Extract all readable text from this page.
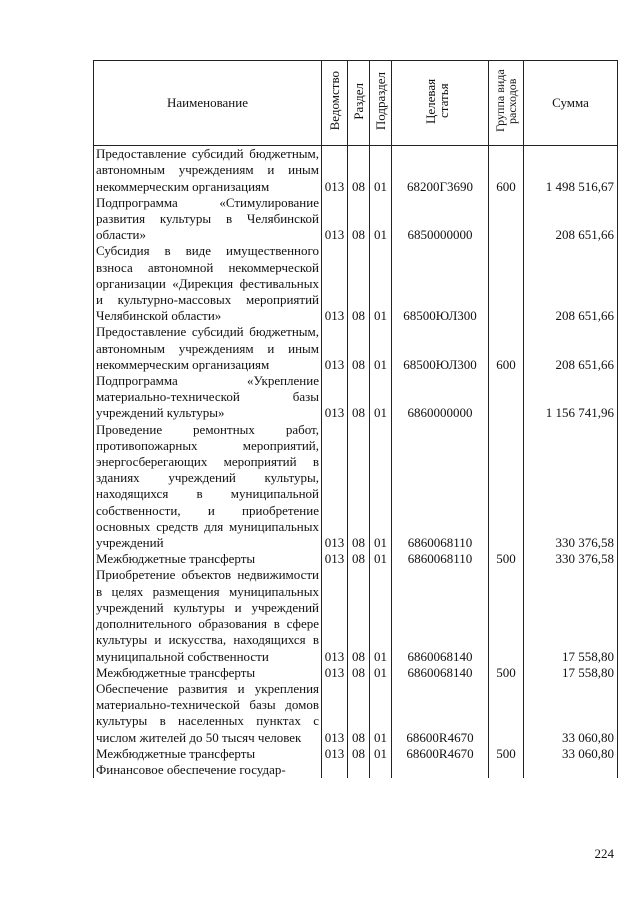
Наименование	Ведомство	Раздел	Подраздел	Целевая статья	Группа вида расходов	Сумма
Предоставление субсидий бюджетным, автономным учреждениям и иным некоммерческим организациям	013	08	01	68200Г3690	600	1 498 516,67
Подпрограмма «Стимулирование развития культуры в Челябинской области»	013	08	01	6850000000		208 651,66
Субсидия в виде имущественного взноса автономной некоммерческой организации «Дирекция фестивальных и культурно-массовых мероприятий Челябинской области»	013	08	01	68500ЮЛ300		208 651,66
Предоставление субсидий бюджетным, автономным учреждениям и иным некоммерческим организациям	013	08	01	68500ЮЛ300	600	208 651,66
Подпрограмма «Укрепление материально-технической базы учреждений культуры»	013	08	01	6860000000		1 156 741,96
Проведение ремонтных работ, противопожарных мероприятий, энергосберегающих мероприятий в зданиях учреждений культуры, находящихся в муниципальной собственности, и приобретение основных средств для муниципальных учреждений	013	08	01	6860068110		330 376,58
Межбюджетные трансферты	013	08	01	6860068110	500	330 376,58
Приобретение объектов недвижимости в целях размещения муниципальных учреждений культуры и учреждений дополнительного образования в сфере культуры и искусства, находящихся в муниципальной собственности	013	08	01	6860068140		17 558,80
Межбюджетные трансферты	013	08	01	6860068140	500	17 558,80
Обеспечение развития и укрепления материально-технической базы домов культуры в населенных пунктах с числом жителей до 50 тысяч человек	013	08	01	68600R4670		33 060,80
Межбюджетные трансферты	013	08	01	68600R4670	500	33 060,80
Финансовое обеспечение государ-						
224
